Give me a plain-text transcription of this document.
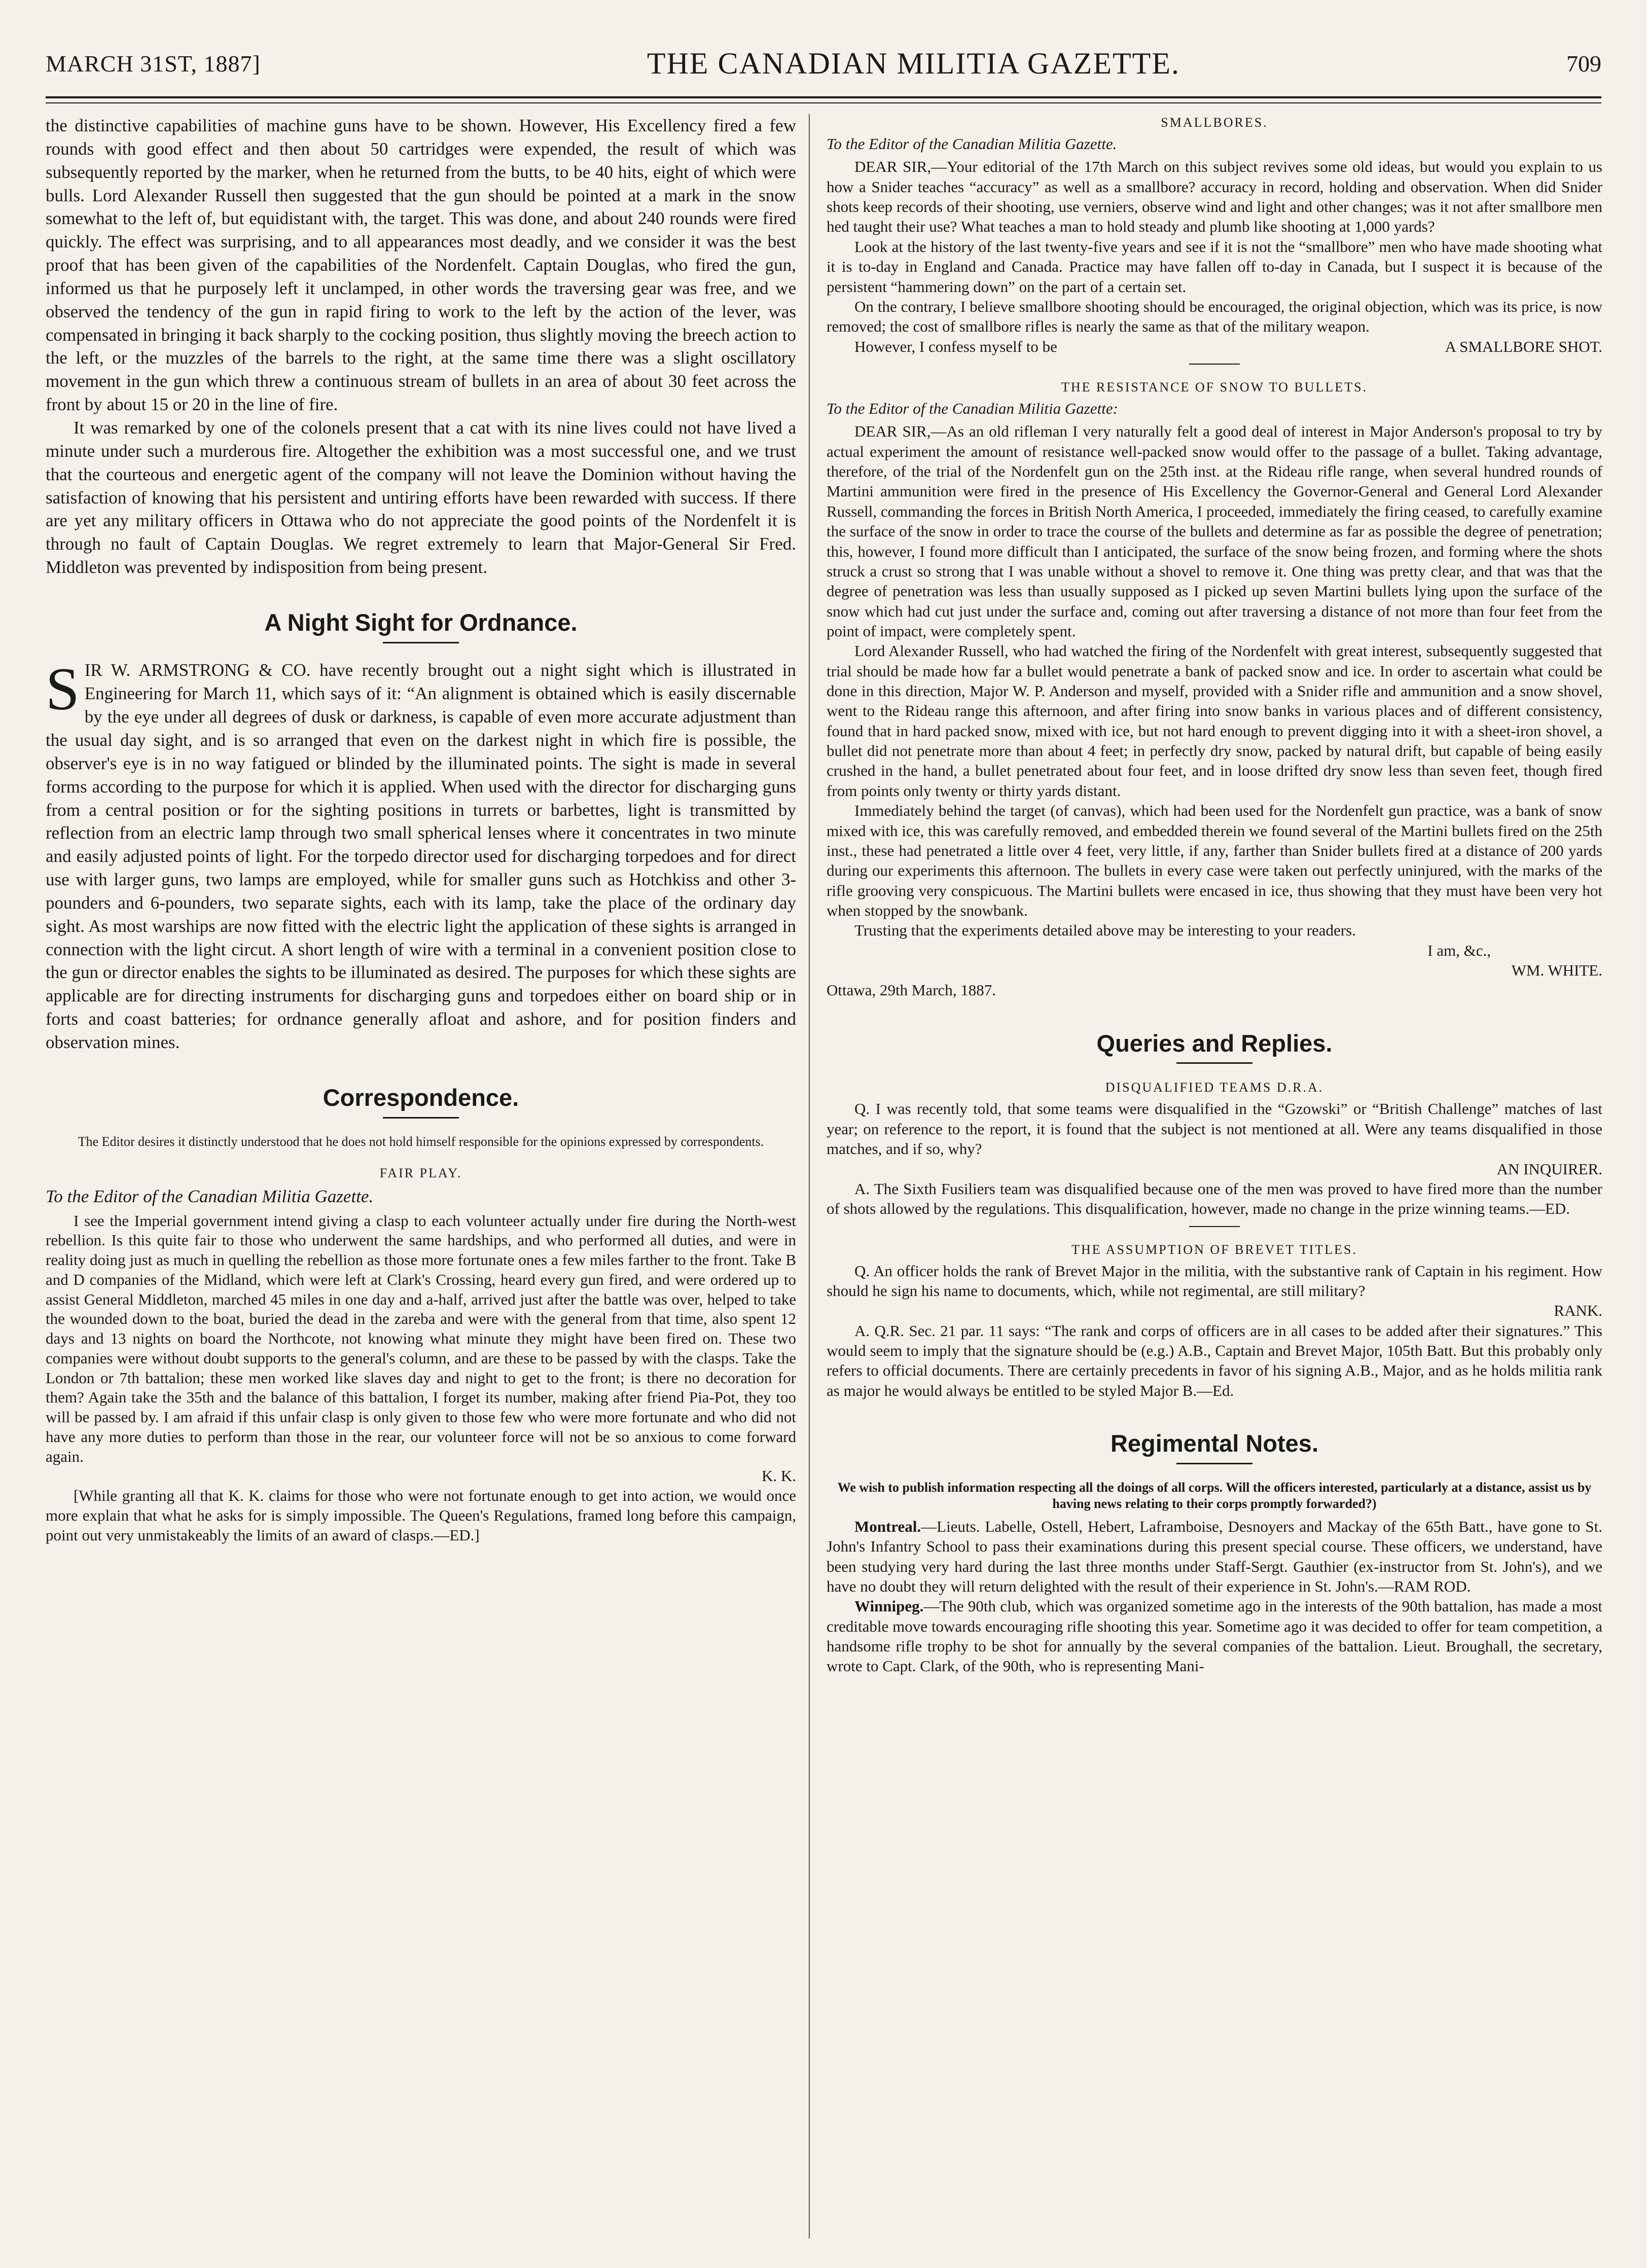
MARCH 31ST, 1887]	THE CANADIAN MILITIA GAZETTE.	709

the distinctive capabilities of machine guns have to be shown. However, His Excellency fired a few rounds with good effect and then about 50 cartridges were expended, the result of which was subsequently reported by the marker, when he returned from the butts, to be 40 hits, eight of which were bulls. Lord Alexander Russell then suggested that the gun should be pointed at a mark in the snow somewhat to the left of, but equidistant with, the target. This was done, and about 240 rounds were fired quickly. The effect was surprising, and to all appearances most deadly, and we consider it was the best proof that has been given of the capabilities of the Nordenfelt. Captain Douglas, who fired the gun, informed us that he purposely left it unclamped, in other words the traversing gear was free, and we observed the tendency of the gun in rapid firing to work to the left by the action of the lever, was compensated in bringing it back sharply to the cocking position, thus slightly moving the breech action to the left, or the muzzles of the barrels to the right, at the same time there was a slight oscillatory movement in the gun which threw a continuous stream of bullets in an area of about 30 feet across the front by about 15 or 20 in the line of fire.

It was remarked by one of the colonels present that a cat with its nine lives could not have lived a minute under such a murderous fire. Altogether the exhibition was a most successful one, and we trust that the courteous and energetic agent of the company will not leave the Dominion without having the satisfaction of knowing that his persistent and untiring efforts have been rewarded with success. If there are yet any military officers in Ottawa who do not appreciate the good points of the Nordenfelt it is through no fault of Captain Douglas. We regret extremely to learn that Major-General Sir Fred. Middleton was prevented by indisposition from being present.

A Night Sight for Ordnance.

SIR W. ARMSTRONG & CO. have recently brought out a night sight which is illustrated in Engineering for March 11, which says of it: “An alignment is obtained which is easily discernable by the eye under all degrees of dusk or darkness, is capable of even more accurate adjustment than the usual day sight, and is so arranged that even on the darkest night in which fire is possible, the observer's eye is in no way fatigued or blinded by the illuminated points. The sight is made in several forms according to the purpose for which it is applied. When used with the director for discharging guns from a central position or for the sighting positions in turrets or barbettes, light is transmitted by reflection from an electric lamp through two small spherical lenses where it concentrates in two minute and easily adjusted points of light. For the torpedo director used for discharging torpedoes and for direct use with larger guns, two lamps are employed, while for smaller guns such as Hotchkiss and other 3-pounders and 6-pounders, two separate sights, each with its lamp, take the place of the ordinary day sight. As most warships are now fitted with the electric light the application of these sights is arranged in connection with the light circut. A short length of wire with a terminal in a convenient position close to the gun or director enables the sights to be illuminated as desired. The purposes for which these sights are applicable are for directing instruments for discharging guns and torpedoes either on board ship or in forts and coast batteries; for ordnance generally afloat and ashore, and for position finders and observation mines.

Correspondence.
The Editor desires it distinctly understood that he does not hold himself responsible for the opinions expressed by correspondents.
FAIR PLAY.

To the Editor of the Canadian Militia Gazette.

I see the Imperial government intend giving a clasp to each volunteer actually under fire during the North-west rebellion. Is this quite fair to those who underwent the same hardships, and who performed all duties, and were in reality doing just as much in quelling the rebellion as those more fortunate ones a few miles farther to the front. Take B and D companies of the Midland, which were left at Clark's Crossing, heard every gun fired, and were ordered up to assist General Middleton, marched 45 miles in one day and a-half, arrived just after the battle was over, helped to take the wounded down to the boat, buried the dead in the zareba and were with the general from that time, also spent 12 days and 13 nights on board the Northcote, not knowing what minute they might have been fired on. These two companies were without doubt supports to the general's column, and are these to be passed by with the clasps. Take the London or 7th battalion; these men worked like slaves day and night to get to the front; is there no decoration for them? Again take the 35th and the balance of this battalion, I forget its number, making after friend Pia-Pot, they too will be passed by. I am afraid if this unfair clasp is only given to those few who were more fortunate and who did not have any more duties to perform than those in the rear, our volunteer force will not be so anxious to come forward again.

K. K.

[While granting all that K. K. claims for those who were not fortunate enough to get into action, we would once more explain that what he asks for is simply impossible. The Queen's Regulations, framed long before this campaign, point out very unmistakeably the limits of an award of clasps.—ED.]

SMALLBORES.

To the Editor of the Canadian Militia Gazette.

DEAR SIR,—Your editorial of the 17th March on this subject revives some old ideas, but would you explain to us how a Snider teaches “accuracy” as well as a smallbore? accuracy in record, holding and observation. When did Snider shots keep records of their shooting, use verniers, observe wind and light and other changes; was it not after smallbore men hed taught their use? What teaches a man to hold steady and plumb like shooting at 1,000 yards?

Look at the history of the last twenty-five years and see if it is not the “smallbore” men who have made shooting what it is to-day in England and Canada. Practice may have fallen off to-day in Canada, but I suspect it is because of the persistent “hammering down” on the part of a certain set.

On the contrary, I believe smallbore shooting should be encouraged, the original objection, which was its price, is now removed; the cost of smallbore rifles is nearly the same as that of the military weapon.

However, I confess myself to be	A SMALLBORE SHOT.

THE RESISTANCE OF SNOW TO BULLETS.

To the Editor of the Canadian Militia Gazette:

DEAR SIR,—As an old rifleman I very naturally felt a good deal of interest in Major Anderson's proposal to try by actual experiment the amount of resistance well-packed snow would offer to the passage of a bullet. Taking advantage, therefore, of the trial of the Nordenfelt gun on the 25th inst. at the Rideau rifle range, when several hundred rounds of Martini ammunition were fired in the presence of His Excellency the Governor-General and General Lord Alexander Russell, commanding the forces in British North America, I proceeded, immediately the firing ceased, to carefully examine the surface of the snow in order to trace the course of the bullets and determine as far as possible the degree of penetration; this, however, I found more difficult than I anticipated, the surface of the snow being frozen, and forming where the shots struck a crust so strong that I was unable without a shovel to remove it. One thing was pretty clear, and that was that the degree of penetration was less than usually supposed as I picked up seven Martini bullets lying upon the surface of the snow which had cut just under the surface and, coming out after traversing a distance of not more than four feet from the point of impact, were completely spent.

Lord Alexander Russell, who had watched the firing of the Nordenfelt with great interest, subsequently suggested that trial should be made how far a bullet would penetrate a bank of packed snow and ice. In order to ascertain what could be done in this direction, Major W. P. Anderson and myself, provided with a Snider rifle and ammunition and a snow shovel, went to the Rideau range this afternoon, and after firing into snow banks in various places and of different consistency, found that in hard packed snow, mixed with ice, but not hard enough to prevent digging into it with a sheet-iron shovel, a bullet did not penetrate more than about 4 feet; in perfectly dry snow, packed by natural drift, but capable of being easily crushed in the hand, a bullet penetrated about four feet, and in loose drifted dry snow less than seven feet, though fired from points only twenty or thirty yards distant.

Immediately behind the target (of canvas), which had been used for the Nordenfelt gun practice, was a bank of snow mixed with ice, this was carefully removed, and embedded therein we found several of the Martini bullets fired on the 25th inst., these had penetrated a little over 4 feet, very little, if any, farther than Snider bullets fired at a distance of 200 yards during our experiments this afternoon. The bullets in every case were taken out perfectly uninjured, with the marks of the rifle grooving very conspicuous. The Martini bullets were encased in ice, thus showing that they must have been very hot when stopped by the snowbank.

Trusting that the experiments detailed above may be interesting to your readers.

I am, &c.,

WM. WHITE.

Ottawa, 29th March, 1887.

Queries and Replies.
DISQUALIFIED TEAMS D.R.A.

Q. I was recently told, that some teams were disqualified in the “Gzowski” or “British Challenge” matches of last year; on reference to the report, it is found that the subject is not mentioned at all. Were any teams disqualified in those matches, and if so, why?

AN INQUIRER.

A. The Sixth Fusiliers team was disqualified because one of the men was proved to have fired more than the number of shots allowed by the regulations. This disqualification, however, made no change in the prize winning teams.—ED.

THE ASSUMPTION OF BREVET TITLES.

Q. An officer holds the rank of Brevet Major in the militia, with the substantive rank of Captain in his regiment. How should he sign his name to documents, which, while not regimental, are still military?

RANK.

A. Q.R. Sec. 21 par. 11 says: “The rank and corps of officers are in all cases to be added after their signatures.” This would seem to imply that the signature should be (e.g.) A.B., Captain and Brevet Major, 105th Batt. But this probably only refers to official documents. There are certainly precedents in favor of his signing A.B., Major, and as he holds militia rank as major he would always be entitled to be styled Major B.—Ed.

Regimental Notes.
We wish to publish information respecting all the doings of all corps. Will the officers interested, particularly at a distance, assist us by having news relating to their corps promptly forwarded?)

Montreal.—Lieuts. Labelle, Ostell, Hebert, Laframboise, Desnoyers and Mackay of the 65th Batt., have gone to St. John's Infantry School to pass their examinations during this present special course. These officers, we understand, have been studying very hard during the last three months under Staff-Sergt. Gauthier (ex-instructor from St. John's), and we have no doubt they will return delighted with the result of their experience in St. John's.—RAM ROD.

Winnipeg.—The 90th club, which was organized sometime ago in the interests of the 90th battalion, has made a most creditable move towards encouraging rifle shooting this year. Sometime ago it was decided to offer for team competition, a handsome rifle trophy to be shot for annually by the several companies of the battalion. Lieut. Broughall, the secretary, wrote to Capt. Clark, of the 90th, who is representing Mani-
